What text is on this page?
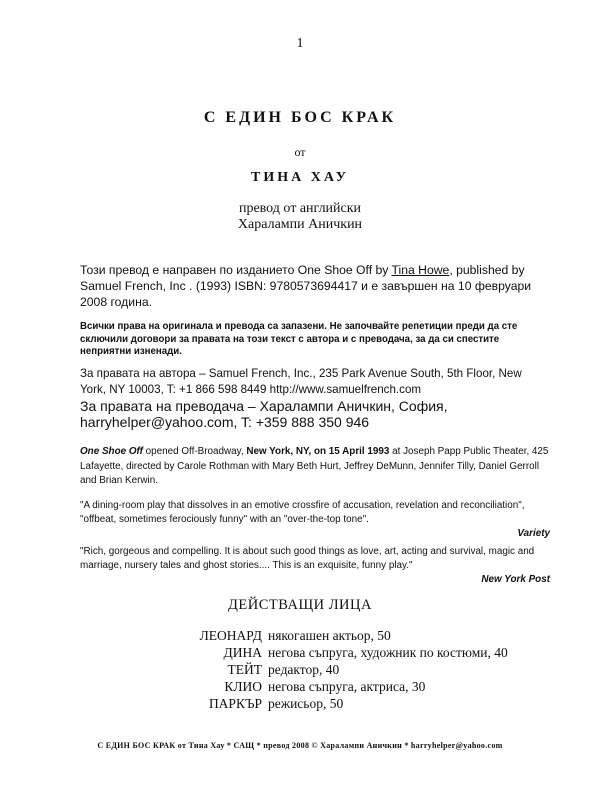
1
С ЕДИН БОС КРАК
от
ТИНА ХАУ
превод от английски
Харалампи Аничкин
Този превод е направен по изданието One Shoe Off by Tina Howe, published by Samuel French, Inc . (1993) ISBN: 9780573694417 и е завършен на 10 февруари 2008 година.
Всички права на оригинала и превода са запазени. Не започвайте репетиции преди да сте сключили договори за правата на този текст с автора и с преводача, за да си спестите неприятни изненади.
За правата на автора – Samuel French, Inc., 235 Park Avenue South, 5th Floor, New York, NY 10003, T: +1 866 598 8449 http://www.samuelfrench.com
За правата на преводача – Харалампи Аничкин, София,
harryhelper@yahoo.com, T: +359 888 350 946
One Shoe Off opened Off-Broadway, New York, NY, on 15 April 1993 at Joseph Papp Public Theater, 425 Lafayette, directed by Carole Rothman with Mary Beth Hurt, Jeffrey DeMunn, Jennifer Tilly, Daniel Gerroll and Brian Kerwin.
"A dining-room play that dissolves in an emotive crossfire of accusation, revelation and reconciliation", "offbeat, sometimes ferociously funny" with an "over-the-top tone".
Variety
"Rich, gorgeous and compelling. It is about such good things as love, art, acting and survival, magic and marriage, nursery tales and ghost stories.... This is an exquisite, funny play."
New York Post
ДЕЙСТВАЩИ ЛИЦА
ЛЕОНАРД някогашен актьор, 50
ДИНА негова съпруга, художник по костюми, 40
ТЕЙТ редактор, 40
КЛИО негова съпруга, актриса, 30
ПАРКЪР режисьор, 50
С ЕДИН БОС КРАК от Тина Хау * САЩ * превод 2008 © Харалампи Аничкин * harryhelper@yahoo.com
